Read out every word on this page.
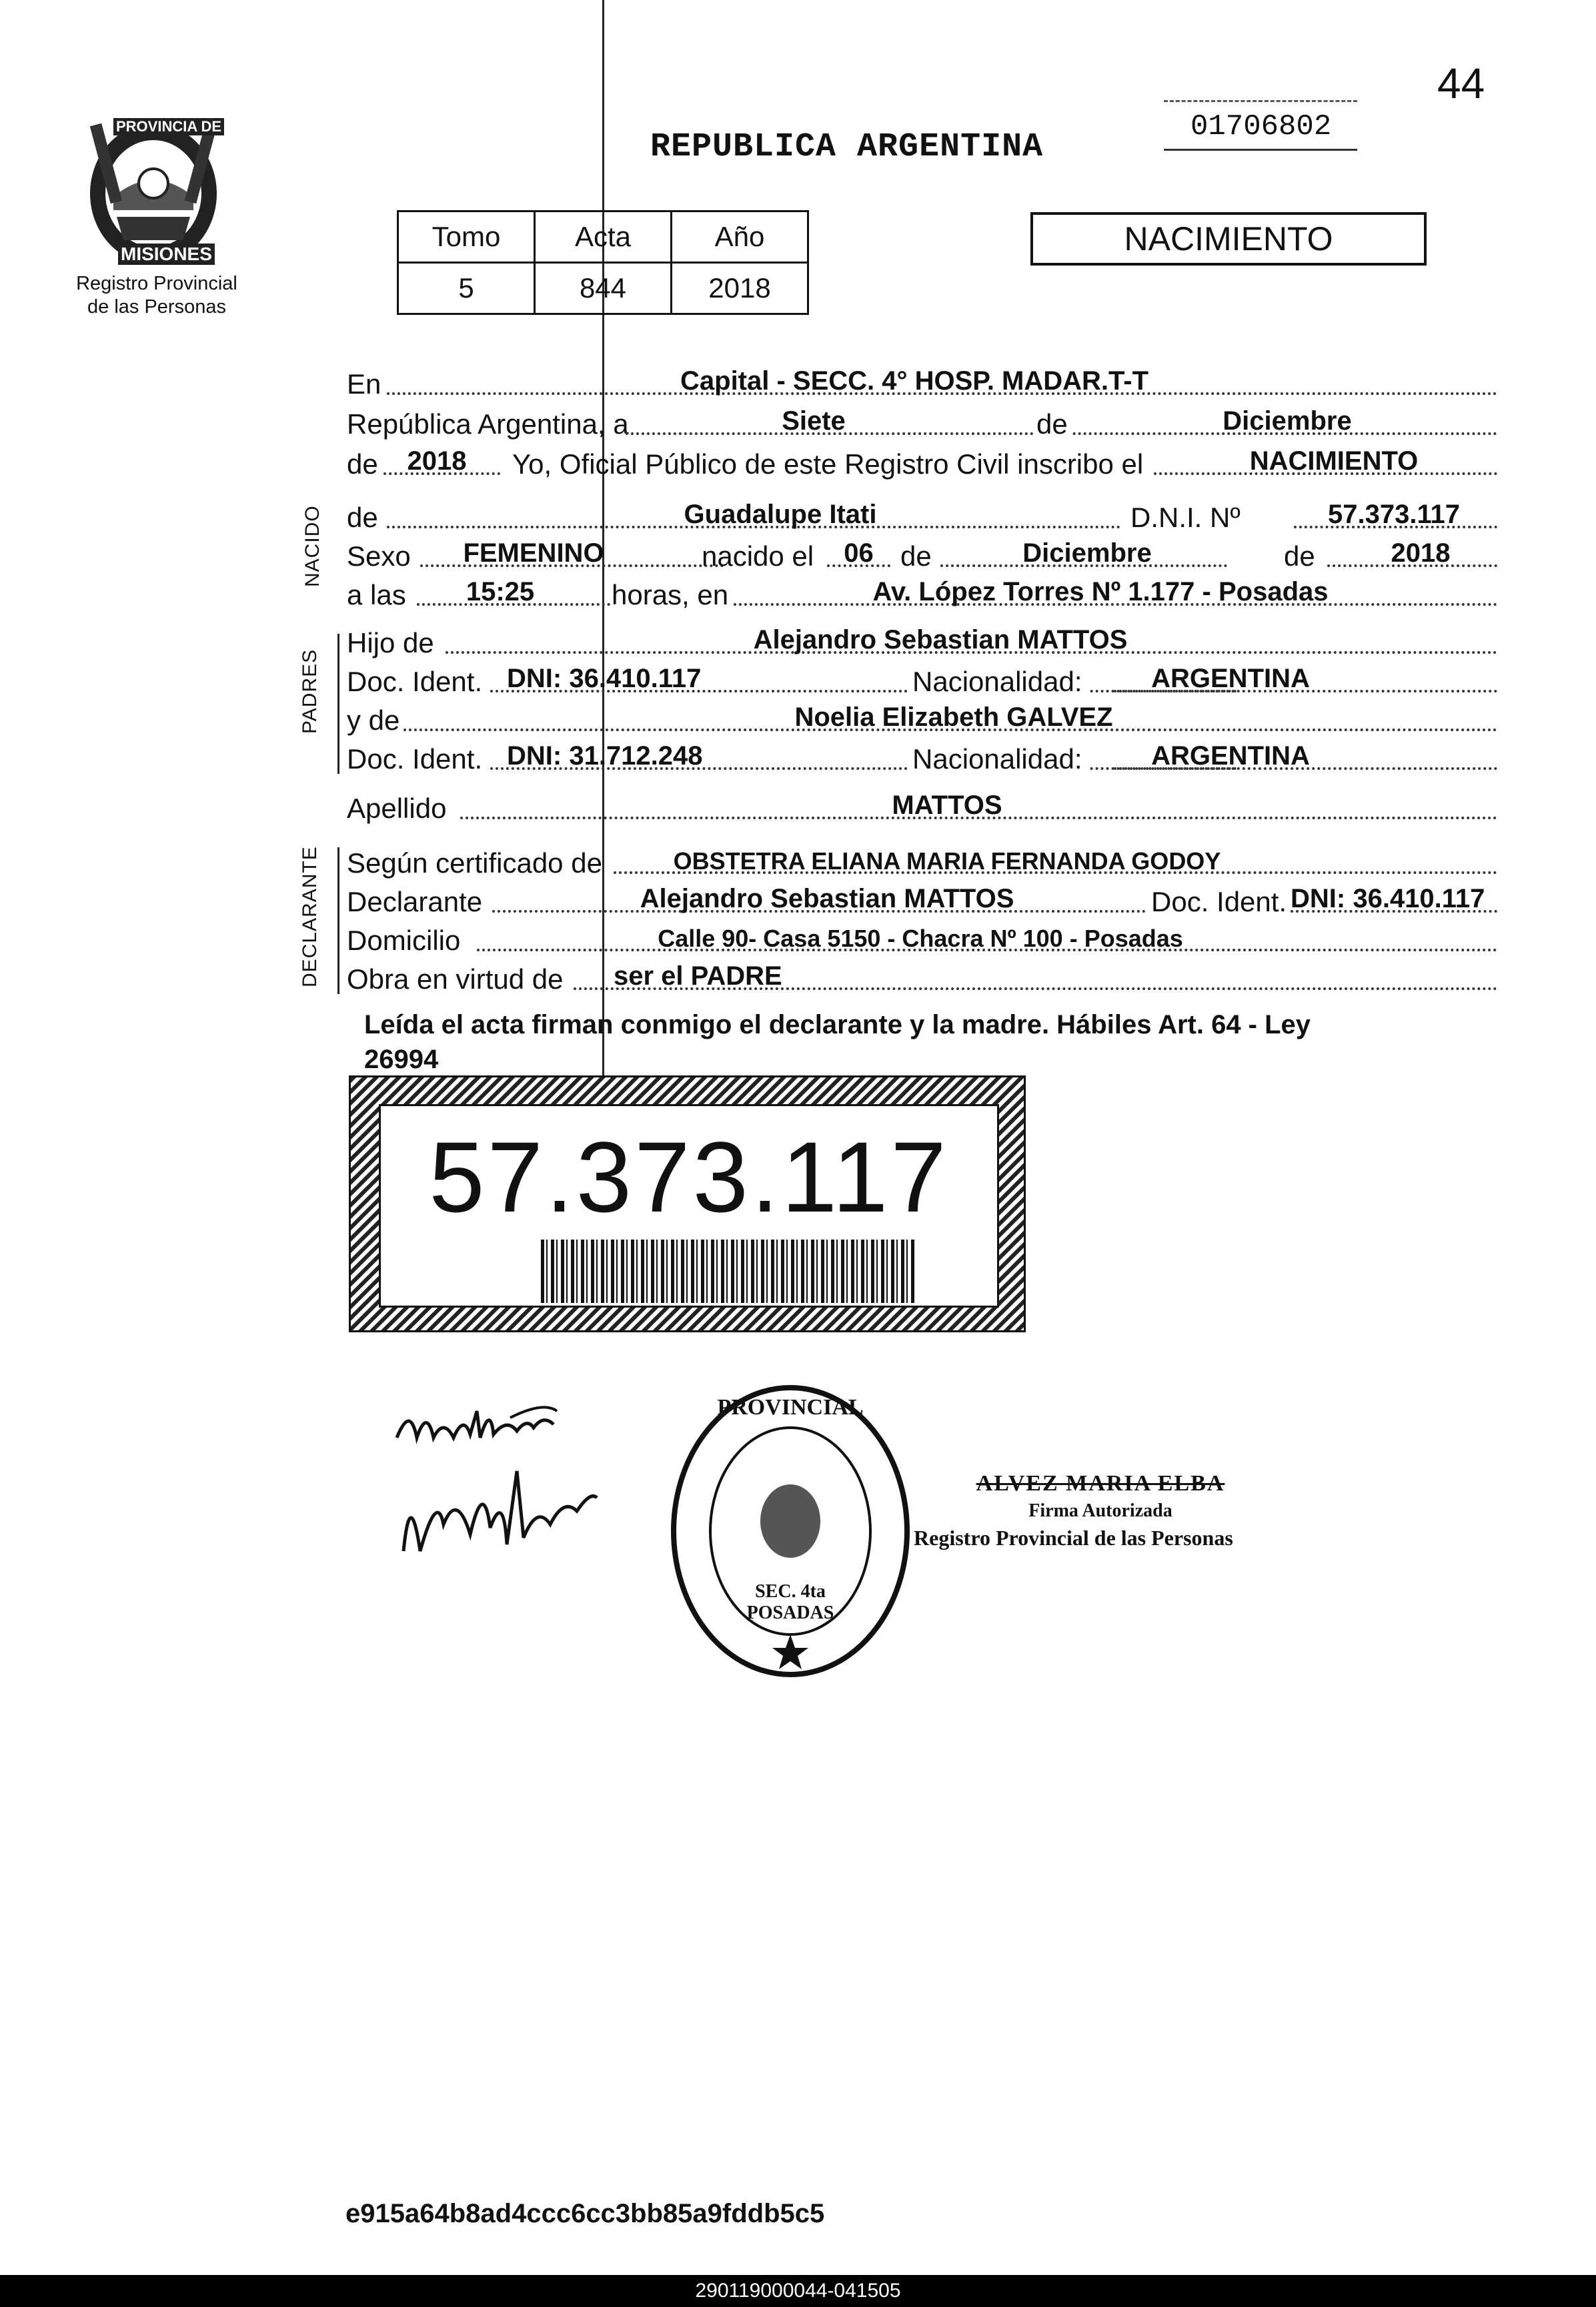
44
PROVINCIA DE
MISIONES
Registro Provincial
de las Personas
REPUBLICA ARGENTINA
01706802
Tomo	Acta	Año
5	844	2018
NACIMIENTO
En	Capital - SECC. 4° HOSP. MADAR.T-T
República Argentina, a	Siete	de	Diciembre
de	2018	Yo, Oficial Público de este Registro Civil inscribo el	NACIMIENTO
NACIDO de	Guadalupe Itati	D.N.I. Nº	57.373.117
Sexo	FEMENINO	nacido el	06 de	Diciembre	de	2018
a las	15:25	horas, en	Av. López Torres Nº 1.177 - Posadas
PADRES
Hijo de	Alejandro Sebastian MATTOS
Doc. Ident. DNI: 36.410.117	Nacionalidad:	ARGENTINA
y de	Noelia Elizabeth GALVEZ
Doc. Ident. DNI: 31.712.248	Nacionalidad:	ARGENTINA
Apellido	MATTOS
DECLARANTE Según certificado de	OBSTETRA ELIANA MARIA FERNANDA GODOY
Declarante	Alejandro Sebastian MATTOS	Doc. Ident. DNI: 36.410.117
Domicilio	Calle 90- Casa 5150 - Chacra Nº 100 - Posadas
Obra en virtud de ser el PADRE
Leída el acta firman conmigo el declarante y la madre. Hábiles Art. 64 - Ley
26994
57.373.117
PROVINCIAL
SEC. 4ta POSADAS
ALVEZ MARIA ELBA
Firma Autorizada
Registro Provincial de las Personas
e915a64b8ad4ccc6cc3bb85a9fddb5c5
290119000044-041505
